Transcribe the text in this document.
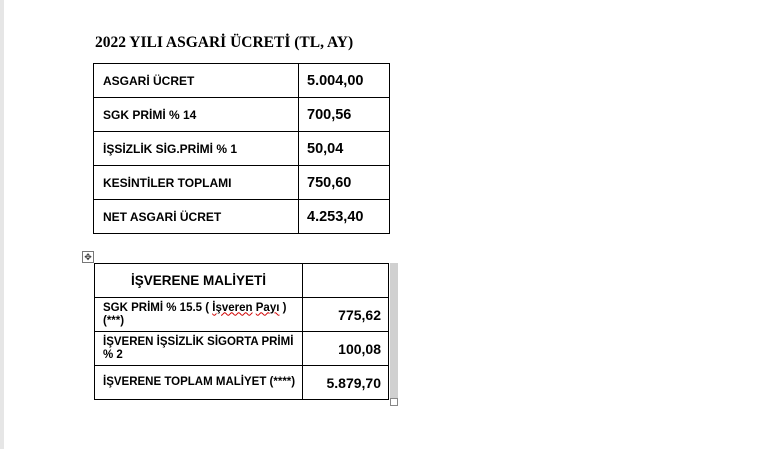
2022 YILI ASGARİ ÜCRETİ (TL, AY)
ASGARİ ÜCRET	5.004,00
SGK PRİMİ % 14	700,56
İŞSİZLİK SİG.PRİMİ % 1	50,04
KESİNTİLER TOPLAMI	750,60
NET ASGARİ ÜCRET	4.253,40
✥
İŞVERENE MALİYETİ	
SGK PRİMİ % 15.5 ( İşveren Payı ) (***)	775,62
İŞVEREN İŞSİZLİK SİGORTA PRİMİ % 2	100,08
İŞVERENE TOPLAM MALİYET (****)	5.879,70
